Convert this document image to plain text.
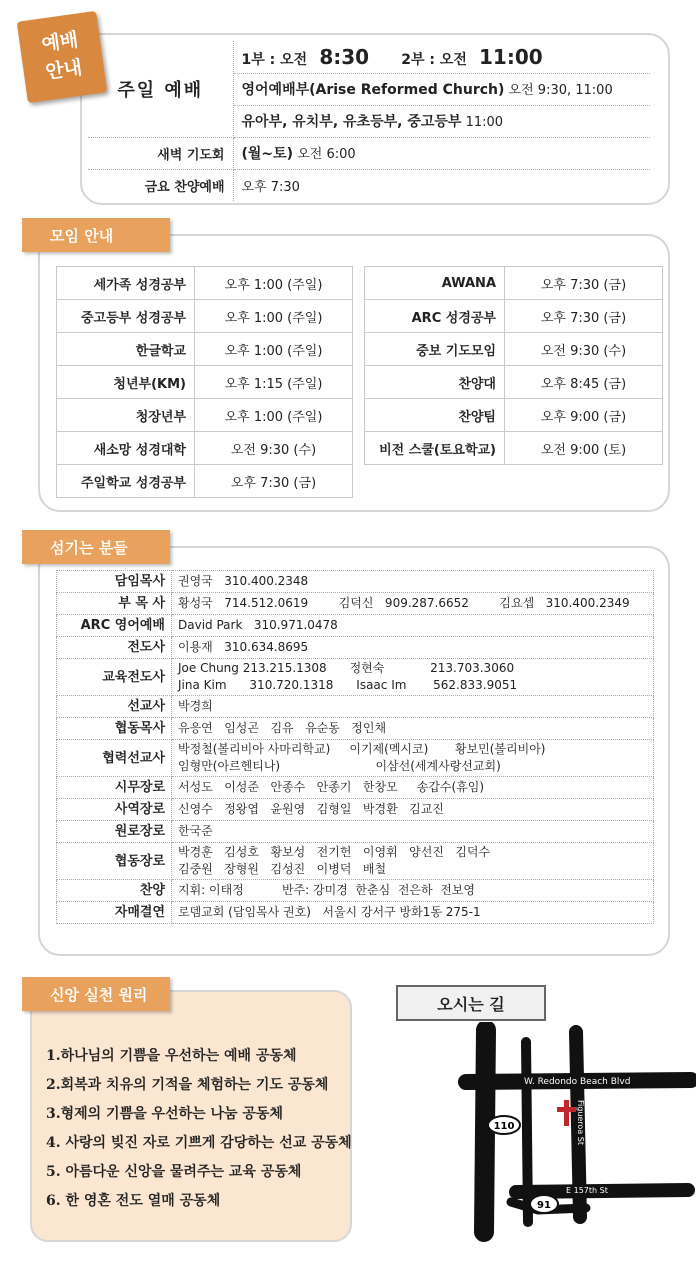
예배
안내
주일 예배	1부 : 오전 8:30 2부 : 오전 11:00
	영어예배부(Arise Reformed Church) 오전 9:30, 11:00
	유아부, 유치부, 유초등부, 중고등부 11:00
새벽 기도회	(월~토) 오전 6:00
금요 찬양예배	오후 7:30
세가족 성경공부	오후 1:00 (주일)
중고등부 성경공부	오후 1:00 (주일)
한글학교	오후 1:00 (주일)
청년부(KM)	오후 1:15 (주일)
청장년부	오후 1:00 (주일)
새소망 성경대학	오전 9:30 (수)
주일학교 성경공부	오후 7:30 (금)
AWANA	오후 7:30 (금)
ARC 성경공부	오후 7:30 (금)
중보 기도모임	오전 9:30 (수)
찬양대	오후 8:45 (금)
찬양팀	오후 9:00 (금)
비전 스쿨(토요학교)	오전 9:00 (토)
모임 안내
담임목사	권영국   310.400.2348

부 목 사	황성국   714.512.0619        김덕신   909.287.6652        김요셉   310.400.2349

ARC 영어예배	David Park   310.971.0478

전도사	이용재   310.634.8695

교육전도사	Joe Chung 213.215.1308      정현숙            213.703.3060
Jina Kim      310.720.1318      Isaac Im       562.833.9051

선교사	박경희

협동목사	유응연   임성곤   김유   유순동   정인채

협력선교사	박정철(볼리비아 사마리학교)     이기제(멕시코)       황보민(볼리비아)
임형만(아르헨티나)                         이삼선(세계사랑선교회)

시무장로	서성도   이성준   안종수   안종기   한창모     송갑수(휴임)

사역장로	신영수   정왕엽   윤원영   김형일   박경환   김교진

원로장로	한국준

협동장로	박경훈   김성호   황보성   전기헌   이영휘   양선진   김덕수
김중원   장형원   김성진   이병덕   배철

찬양	지휘: 이태정          반주: 강미경  한춘심  전은하  전보영

자매결연	로뎀교회 (담임목사 권호)   서울시 강서구 방화1동 275-1
섬기는 분들
1.하나님의 기쁨을 우선하는 예배 공동체
2.회복과 치유의 기적을 체험하는 기도 공동체
3.형제의 기쁨을 우선하는 나눔 공동체
4. 사랑의 빚진 자로 기쁘게 감당하는 선교 공동체
5. 아름다운 신앙을 물려주는 교육 공동체
6. 한 영혼 전도 열매 공동체
신앙 실천 원리	오시는 길
W. Redondo Beach Blvd
Figueroa St
E 157th St
110
91
